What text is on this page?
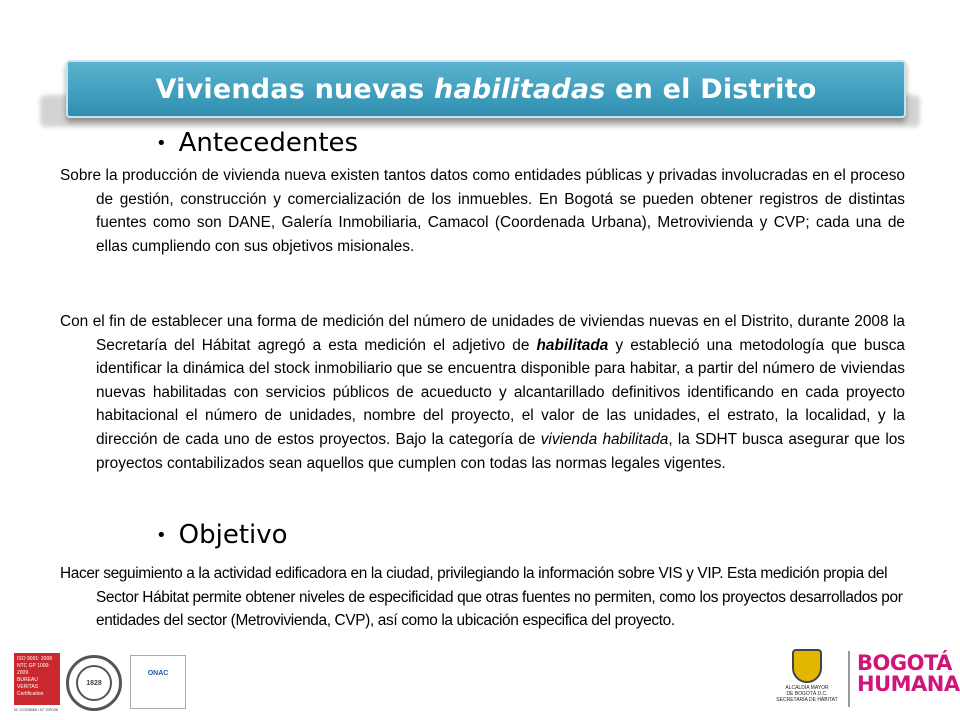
Viviendas nuevas habilitadas en el Distrito
• Antecedentes
Sobre la producción de vivienda nueva existen tantos datos como entidades públicas y privadas involucradas en el proceso de gestión, construcción y comercialización de los inmuebles. En Bogotá se pueden obtener registros de distintas fuentes como son DANE, Galería Inmobiliaria, Camacol (Coordenada Urbana), Metrovivienda y CVP; cada una de ellas cumpliendo con sus objetivos misionales.
Con el fin de establecer una forma de medición del número de unidades de viviendas nuevas en el Distrito, durante 2008 la Secretaría del Hábitat agregó a esta medición el adjetivo de habilitada y estableció una metodología que busca identificar la dinámica del stock inmobiliario que se encuentra disponible para habitar, a partir del número de viviendas nuevas habilitadas con servicios públicos de acueducto y alcantarillado definitivos identificando en cada proyecto habitacional el número de unidades, nombre del proyecto, el valor de las unidades, el estrato, la localidad, y la dirección de cada uno de estos proyectos. Bajo la categoría de vivienda habilitada, la SDHT busca asegurar que los proyectos contabilizados sean aquellos que cumplen con todas las normas legales vigentes.
• Objetivo
Hacer seguimiento a la actividad edificadora en la ciudad, privilegiando la información sobre VIS y VIP. Esta medición propia del Sector Hábitat permite obtener niveles de especificidad que otras fuentes no permiten, como los proyectos desarrollados por entidades del sector (Metrovivienda, CVP), así como la ubicación especifica del proyecto.
ISO 9001: 2008
NTC GP 1000: 2009
BUREAU VERITAS
Certification
N° CO23088 / N° GP035
1828
ONAC
ALCALDÍA MAYOR
DE BOGOTÁ D.C.
SECRETARÍA DE HÁBITAT
BOGOTÁ
HUMANA
